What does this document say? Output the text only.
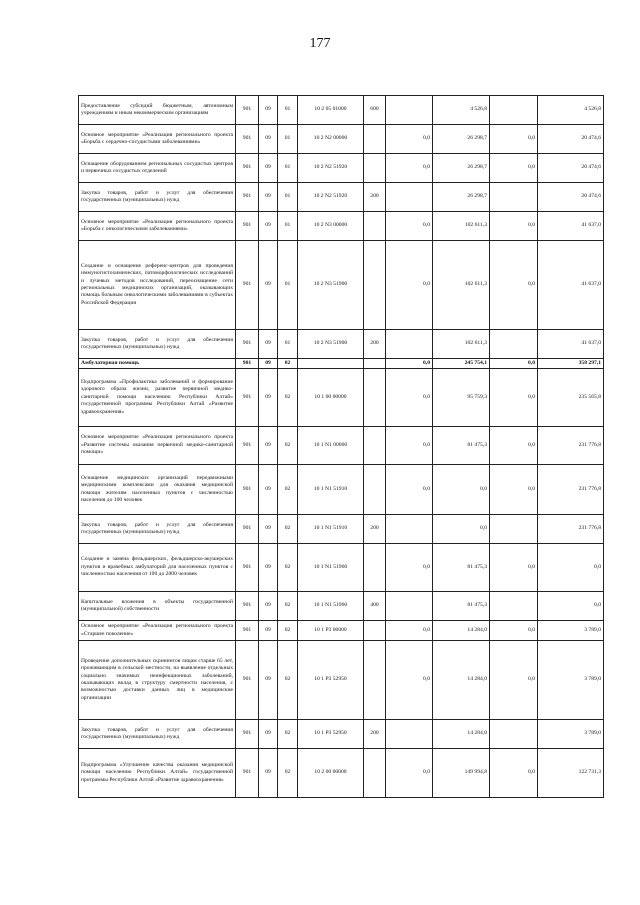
177
Предоставление субсидий бюджетным, автономным учреждениям и иным некоммерческим организациям	901	09	01	10 2 05 01000	600		4 526,8		4 526,8
Основное мероприятие «Реализация регионального проекта «Борьба с сердечно-сосудистыми заболеваниями»	901	09	01	10 2 N2 00000		0,0	26 298,7	0,0	20 474,6
Оснащение оборудованием региональных сосудистых центров и первичных сосудистых отделений	901	09	01	10 2 N2 51920		0,0	26 298,7	0,0	20 474,6
Закупка товаров, работ и услуг для обеспечения государственных (муниципальных) нужд	901	09	01	10 2 N2 51920	200		26 298,7		20 474,6
Основное мероприятие «Реализация регионального проекта «Борьба с онкологическими заболеваниями»	901	09	01	10 2 N3 00000		0,0	102 611,3	0,0	41 637,0
Создание и оснащение референс-центров для проведения иммуногистохимических, патоморфологических исследований и лучевых методов исследований, переоснащение сети региональных медицинских организаций, оказывающих помощь больным онкологическими заболеваниями в субъектах Российской Федерации	901	09	01	10 2 N3 51900		0,0	102 611,3	0,0	41 637,0
Закупка товаров, работ и услуг для обеспечения государственных (муниципальных) нужд	901	09	01	10 2 N3 51900	200		102 611,3		41 637,0
Амбулаторная помощь	901	09	02			0,0	245 754,1	0,0	358 297,1
Подпрограмма «Профилактика заболеваний и формирование здорового образа жизни, развитие первичной медико-санитарной помощи населению Республики Алтай» государственной программы Республики Алтай «Развитие здравоохранения»	901	09	02	10 1 00 00000		0,0	95 759,3	0,0	235 565,8
Основное мероприятие «Реализация регионального проекта «Развитие системы оказания первичной медико-санитарной помощи»	901	09	02	10 1 N1 00000		0,0	81 475,3	0,0	231 776,8
Оснащение медицинских организаций передвижными медицинскими комплексами для оказания медицинской помощи жителям населенных пунктов с численностью населения до 100 человек	901	09	02	10 1 N1 51910		0,0	0,0	0,0	231 776,8
Закупка товаров, работ и услуг для обеспечения государственных (муниципальных) нужд	901	09	02	10 1 N1 51910	200		0,0		231 776,8
Создание и замена фельдшерских, фельдшерско-акушерских пунктов и врачебных амбулаторий для населенных пунктов с численностью населения от 100 до 2000 человек	901	09	02	10 1 N1 51960		0,0	81 475,3	0,0	0,0
Капитальные вложения в объекты государственной (муниципальной) собственности	901	09	02	10 1 N1 51960	400		81 475,3		0,0
Основное мероприятие «Реализация регионального проекта «Старшее поколение»	901	09	02	10 1 P3 00000		0,0	14 284,0	0,0	3 789,0
Проведение дополнительных скринингов лицам старше 65 лет, проживающим в сельской местности, на выявление отдельных социально значимых неинфекционных заболеваний, оказывающих вклад в структуру смертности населения, с возможностью доставки данных лиц в медицинские организации	901	09	02	10 1 P3 52950		0,0	14 284,0	0,0	3 789,0
Закупка товаров, работ и услуг для обеспечения государственных (муниципальных) нужд	901	09	02	10 1 P3 52950	200		14 284,0		3 789,0
Подпрограмма «Улучшение качества оказания медицинской помощи населению Республики Алтай» государственной программы Республики Алтай «Развитие здравоохранения»	901	09	02	10 2 00 00000		0,0	149 994,8	0,0	122 731,3
